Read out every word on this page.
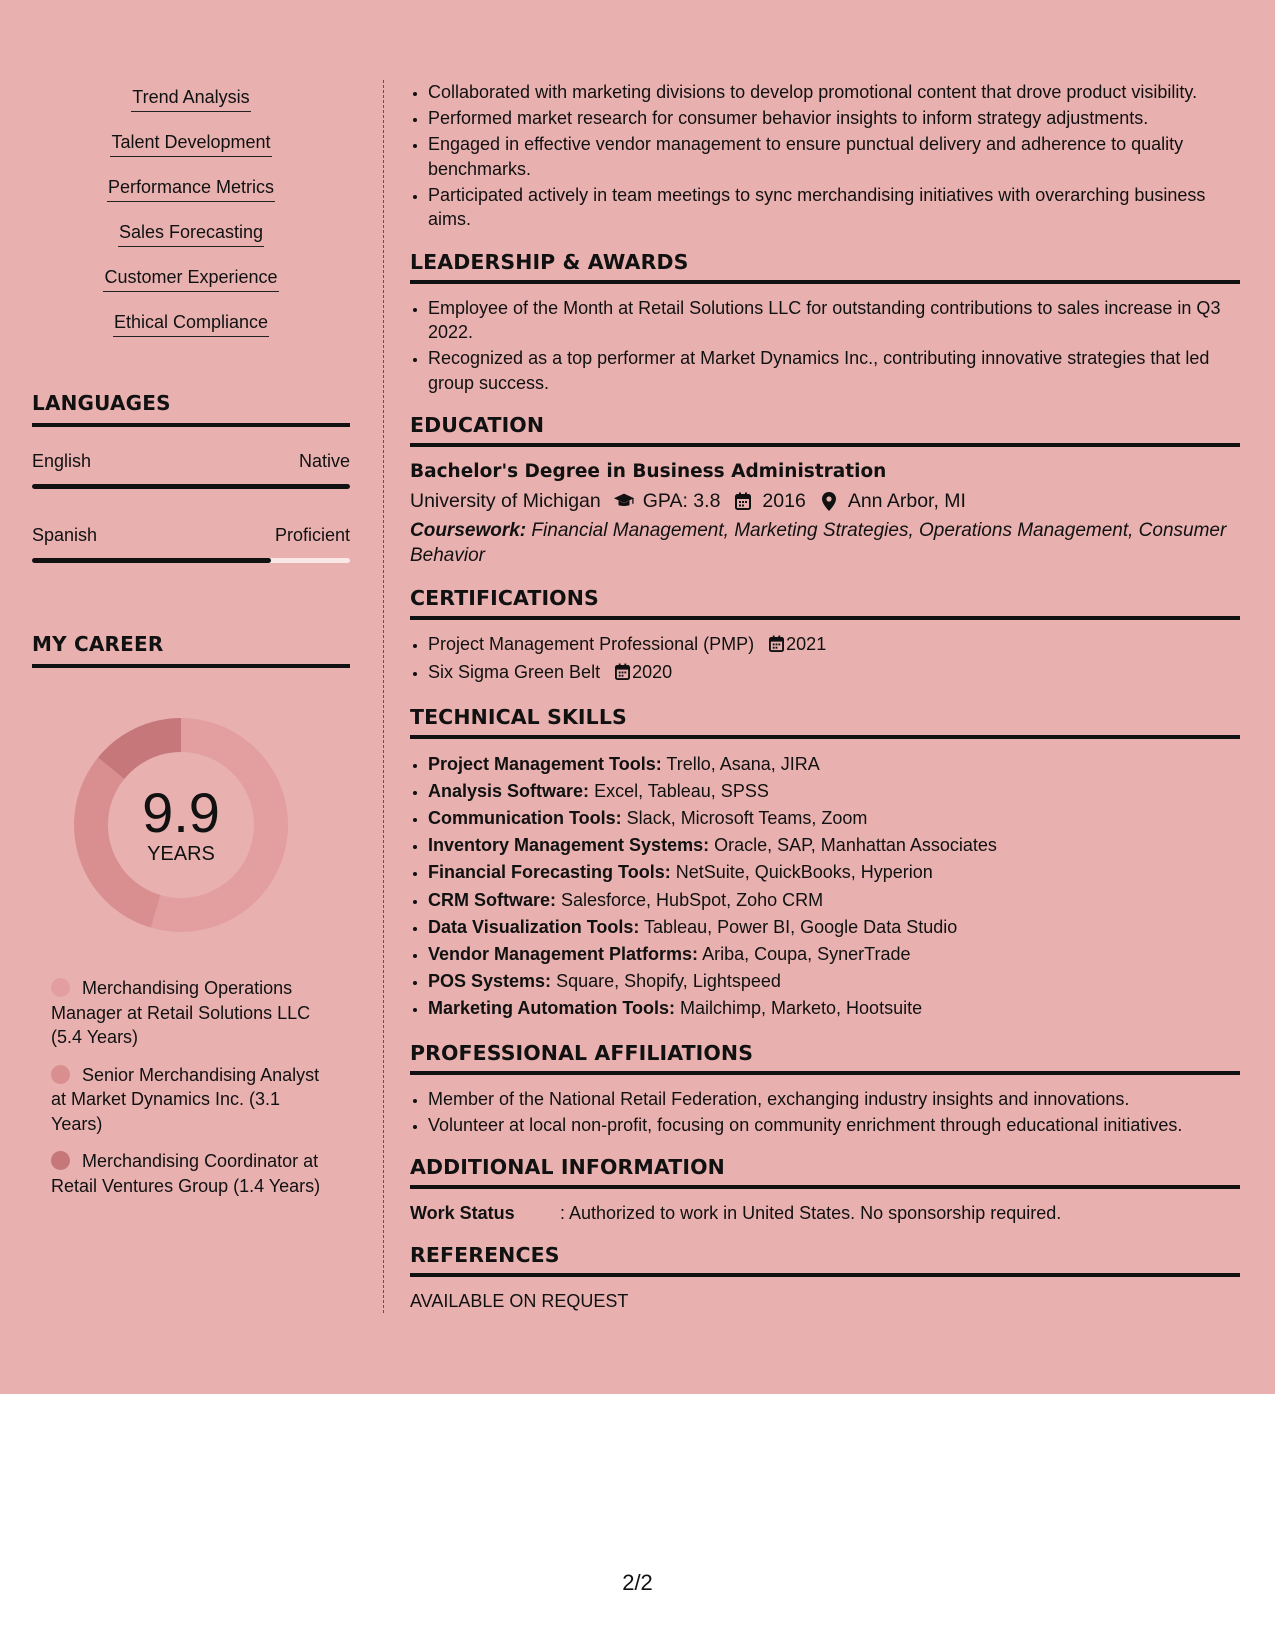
Trend Analysis
Talent Development
Performance Metrics
Sales Forecasting
Customer Experience
Ethical Compliance
LANGUAGES
English	Native
Spanish	Proficient
MY CAREER
9.9
YEARS
Merchandising Operations Manager at Retail Solutions LLC (5.4 Years)
Senior Merchandising Analyst at Market Dynamics Inc. (3.1 Years)
Merchandising Coordinator at Retail Ventures Group (1.4 Years)
• Collaborated with marketing divisions to develop promotional content that drove product visibility.
• Performed market research for consumer behavior insights to inform strategy adjustments.
• Engaged in effective vendor management to ensure punctual delivery and adherence to quality benchmarks.
• Participated actively in team meetings to sync merchandising initiatives with overarching business aims.
LEADERSHIP & AWARDS
• Employee of the Month at Retail Solutions LLC for outstanding contributions to sales increase in Q3 2022.
• Recognized as a top performer at Market Dynamics Inc., contributing innovative strategies that led group success.
EDUCATION
Bachelor's Degree in Business Administration
University of Michigan GPA: 3.8 2016 Ann Arbor, MI
Coursework: Financial Management, Marketing Strategies, Operations Management, Consumer Behavior
CERTIFICATIONS
• Project Management Professional (PMP) 2021
• Six Sigma Green Belt 2020
TECHNICAL SKILLS
• Project Management Tools: Trello, Asana, JIRA
• Analysis Software: Excel, Tableau, SPSS
• Communication Tools: Slack, Microsoft Teams, Zoom
• Inventory Management Systems: Oracle, SAP, Manhattan Associates
• Financial Forecasting Tools: NetSuite, QuickBooks, Hyperion
• CRM Software: Salesforce, HubSpot, Zoho CRM
• Data Visualization Tools: Tableau, Power BI, Google Data Studio
• Vendor Management Platforms: Ariba, Coupa, SynerTrade
• POS Systems: Square, Shopify, Lightspeed
• Marketing Automation Tools: Mailchimp, Marketo, Hootsuite
PROFESSIONAL AFFILIATIONS
• Member of the National Retail Federation, exchanging industry insights and innovations.
• Volunteer at local non-profit, focusing on community enrichment through educational initiatives.
ADDITIONAL INFORMATION
Work Status	: Authorized to work in United States. No sponsorship required.
REFERENCES
AVAILABLE ON REQUEST
2/2
